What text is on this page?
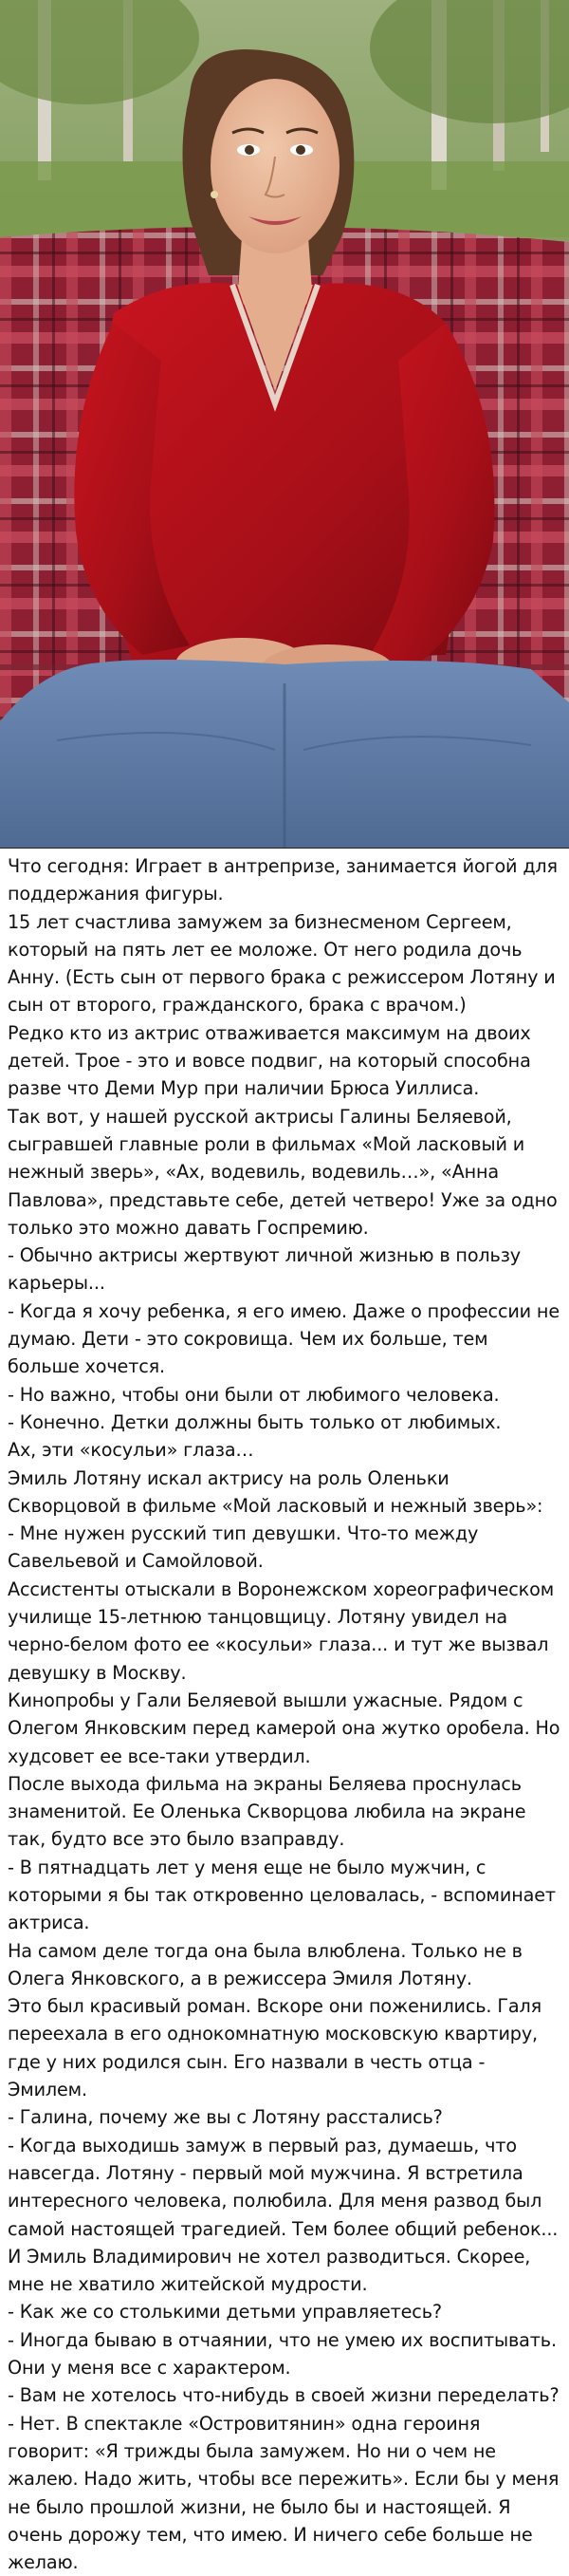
Что сегодня: Играет в антрепризе, занимается йогой для поддержания фигуры.

15 лет счастлива замужем за бизнесменом Сергеем, который на пять лет ее моложе. От него родила дочь Анну. (Есть сын от первого брака с режиссером Лотяну и сын от второго, гражданского, брака с врачом.)

Редко кто из актрис отваживается максимум на двоих детей. Трое - это и вовсе подвиг, на который способна разве что Деми Мур при наличии Брюса Уиллиса.

Так вот, у нашей русской актрисы Галины Беляевой, сыгравшей главные роли в фильмах «Мой ласковый и нежный зверь», «Ах, водевиль, водевиль…», «Анна Павлова», представьте себе, детей четверо! Уже за одно только это можно давать Госпремию.

- Обычно актрисы жертвуют личной жизнью в пользу карьеры...

- Когда я хочу ребенка, я его имею. Даже о профессии не думаю. Дети - это сокровища. Чем их больше, тем больше хочется.

- Но важно, чтобы они были от любимого человека.

- Конечно. Детки должны быть только от любимых.

Ах, эти «косульи» глаза…

Эмиль Лотяну искал актрису на роль Оленьки Скворцовой в фильме «Мой ласковый и нежный зверь»:

- Мне нужен русский тип девушки. Что-то между Савельевой и Самойловой.

Ассистенты отыскали в Воронежском хореографическом училище 15-летнюю танцовщицу. Лотяну увидел на черно-белом фото ее «косульи» глаза... и тут же вызвал девушку в Москву.

Кинопробы у Гали Беляевой вышли ужасные. Рядом с Олегом Янковским перед камерой она жутко оробела. Но худсовет ее все-таки утвердил.

После выхода фильма на экраны Беляева проснулась знаменитой. Ее Оленька Скворцова любила на экране так, будто все это было взаправду.

- В пятнадцать лет у меня еще не было мужчин, с которыми я бы так откровенно целовалась, - вспоминает актриса.

На самом деле тогда она была влюблена. Только не в Олега Янковского, а в режиссера Эмиля Лотяну.

Это был красивый роман. Вскоре они поженились. Галя переехала в его однокомнатную московскую квартиру, где у них родился сын. Его назвали в честь отца - Эмилем.

- Галина, почему же вы с Лотяну расстались?

- Когда выходишь замуж в первый раз, думаешь, что навсегда. Лотяну - первый мой мужчина. Я встретила интересного человека, полюбила. Для меня развод был самой настоящей трагедией. Тем более общий ребенок... И Эмиль Владимирович не хотел разводиться. Скорее, мне не хватило житейской мудрости.

- Как же со столькими детьми управляетесь?

- Иногда бываю в отчаянии, что не умею их воспитывать. Они у меня все с характером.

- Вам не хотелось что-нибудь в своей жизни переделать?

- Нет. В спектакле «Островитянин» одна героиня говорит: «Я трижды была замужем. Но ни о чем не жалею. Надо жить, чтобы все пережить». Если бы у меня не было прошлой жизни, не было бы и настоящей. Я очень дорожу тем, что имею. И ничего себе больше не желаю.
